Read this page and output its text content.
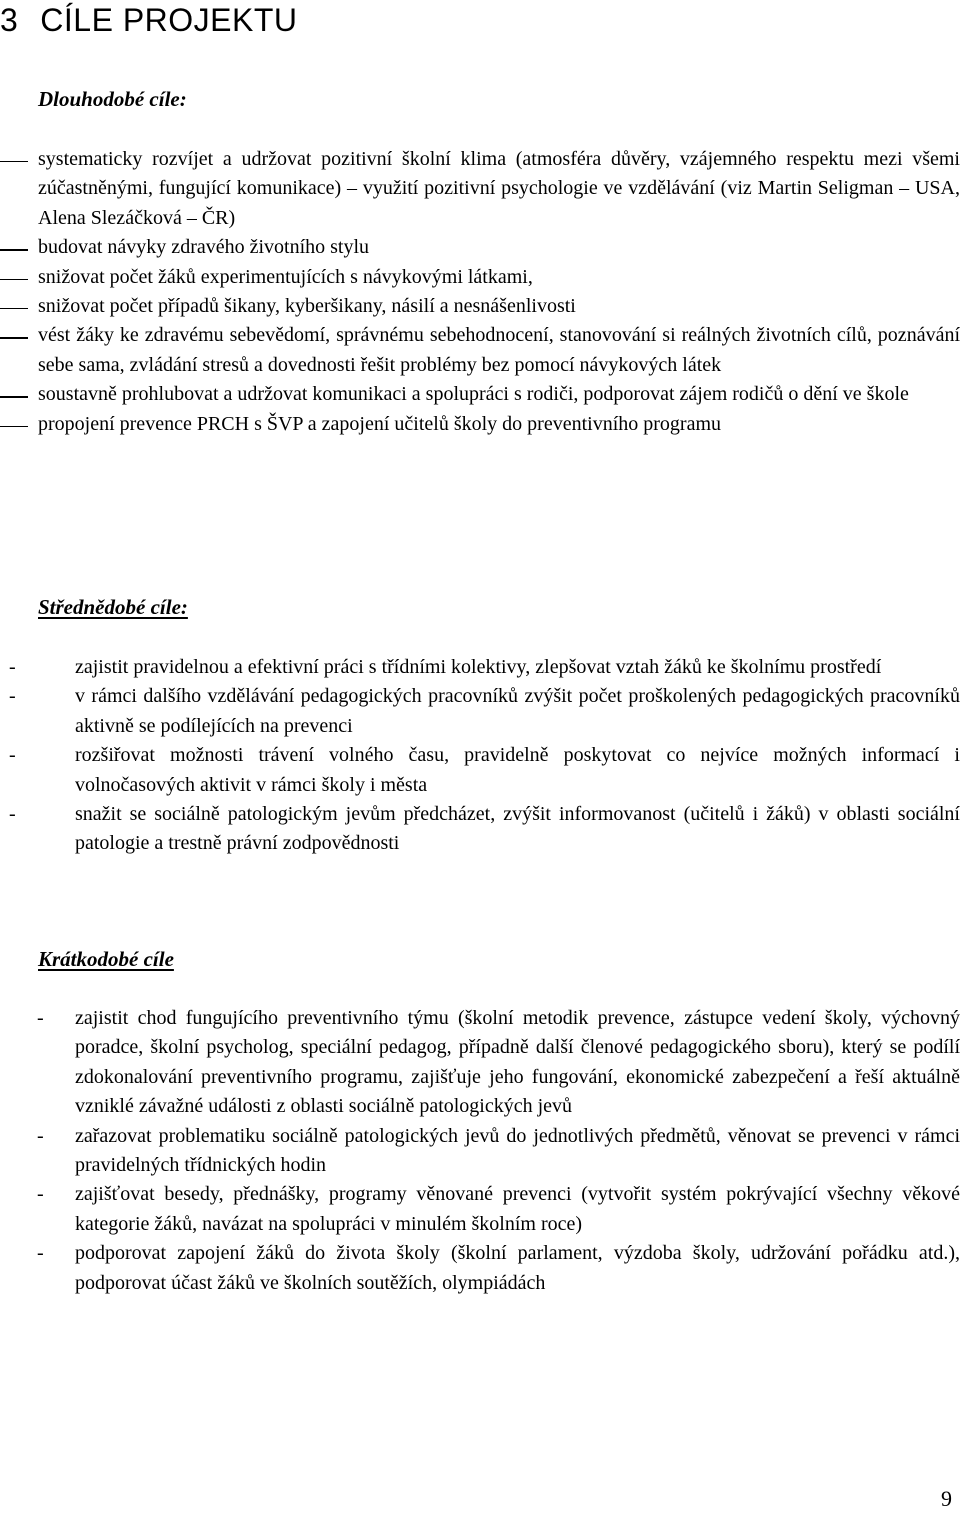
3 CÍLE PROJEKTU
Dlouhodobé cíle:
systematicky rozvíjet a udržovat pozitivní školní klima (atmosféra důvěry, vzájemného respektu mezi všemi zúčastněnými, fungující komunikace) – využití pozitivní psychologie ve vzdělávání (viz Martin Seligman – USA, Alena Slezáčková – ČR)
budovat návyky zdravého životního stylu
snižovat počet žáků experimentujících s návykovými látkami,
snižovat počet případů šikany, kyberšikany, násilí a nesnášenlivosti
vést žáky ke zdravému sebevědomí, správnému sebehodnocení, stanovování si reálných životních cílů, poznávání sebe sama, zvládání stresů a dovednosti řešit problémy bez pomocí návykových látek
soustavně prohlubovat a udržovat komunikaci a spolupráci s rodiči, podporovat zájem rodičů o dění ve škole
propojení prevence PRCH s ŠVP a zapojení učitelů školy do preventivního programu
Střednědobé cíle:
-	zajistit pravidelnou a efektivní práci s třídními kolektivy, zlepšovat vztah žáků ke školnímu prostředí
-	v rámci dalšího vzdělávání pedagogických pracovníků zvýšit počet proškolených pedagogických pracovníků aktivně se podílejících na prevenci
-	rozšiřovat možnosti trávení volného času, pravidelně poskytovat co nejvíce možných informací i volnočasových aktivit v rámci školy i města
-	snažit se sociálně patologickým jevům předcházet, zvýšit informovanost (učitelů i žáků) v oblasti sociální patologie a trestně právní zodpovědnosti
Krátkodobé cíle
- zajistit chod fungujícího preventivního týmu (školní metodik prevence, zástupce vedení školy, výchovný poradce, školní psycholog, speciální pedagog, případně další členové pedagogického sboru), který se podílí zdokonalování preventivního programu, zajišťuje jeho fungování, ekonomické zabezpečení a řeší aktuálně vzniklé závažné události z oblasti sociálně patologických jevů
- zařazovat problematiku sociálně patologických jevů do jednotlivých předmětů, věnovat se prevenci v rámci pravidelných třídnických hodin
- zajišťovat besedy, přednášky, programy věnované prevenci (vytvořit systém pokrývající všechny věkové kategorie žáků, navázat na spolupráci v minulém školním roce)
- podporovat zapojení žáků do života školy (školní parlament, výzdoba školy, udržování pořádku atd.), podporovat účast žáků ve školních soutěžích, olympiádách
9
